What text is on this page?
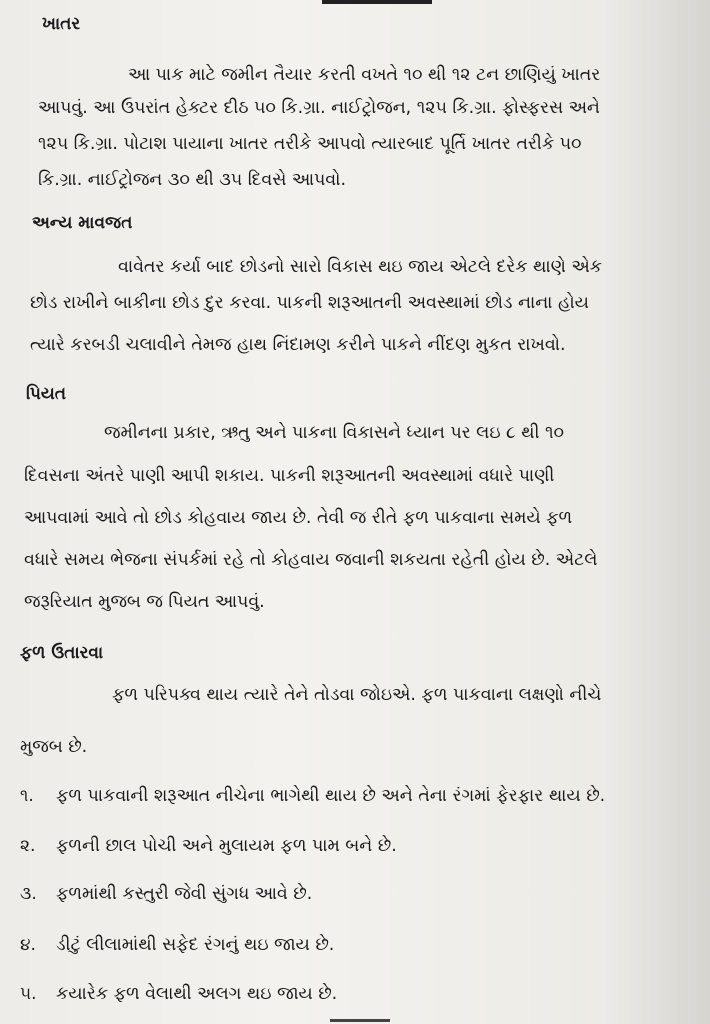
ખાતર

આ પાક માટે જમીન તૈયાર કરતી વખતે ૧૦ થી ૧૨ ટન છાણિયું ખાતર

આપવું. આ ઉપરાંત હેક્ટર દીઠ ૫૦ કિ.ગ્રા. નાઈટ્રોજન, ૧૨૫ કિ.ગ્રા. ફોસ્ફરસ અને

૧૨૫ કિ.ગ્રા. પોટાશ પાયાના ખાતર તરીકે આપવો ત્યારબાદ પૂર્તિ ખાતર તરીકે ૫૦

કિ.ગ્રા. નાઈટ્રોજન ૩૦ થી ૩૫ દિવસે આપવો.

અન્ય માવજત

વાવેતર કર્યા બાદ છોડનો સારો વિકાસ થઇ જાય એટલે દરેક થાણે એક

છોડ રાખીને બાકીના છોડ દુર કરવા. પાકની શરૂઆતની અવસ્થામાં છોડ નાના હોય

ત્યારે કરબડી ચલાવીને તેમજ હાથ નિંદામણ કરીને પાકને નીંદણ મુકત રાખવો.

પિયત

જમીનના પ્રકાર, ઋતુ અને પાકના વિકાસને ધ્યાન પર લઇ ૮ થી ૧૦

દિવસના અંતરે પાણી આપી શકાય. પાકની શરૂઆતની અવસ્થામાં વધારે પાણી

આપવામાં આવે તો છોડ કોહવાય જાય છે. તેવી જ રીતે ફળ પાકવાના સમયે ફળ

વધારે સમય ભેજના સંપર્કમાં રહે તો કોહવાય જવાની શકયતા રહેતી હોય છે. એટલે

જરૂરિયાત મુજબ જ પિયત આપવું.

ફળ ઉતારવા

ફળ પરિપક્વ થાય ત્યારે તેને તોડવા જોઇએ. ફળ પાકવાના લક્ષણો નીચે

મુજબ છે.

૧. ફળ પાકવાની શરૂઆત નીચેના ભાગેથી થાય છે અને તેના રંગમાં ફેરફાર થાય છે.
૨. ફળની છાલ પોચી અને મુલાયમ ફળ પામ બને છે.
૩. ફળમાંથી કસ્તુરી જેવી સુંગધ આવે છે.
૪. ડીટું લીલામાંથી સફેદ રંગનું થઇ જાય છે.
૫. કયારેક ફળ વેલાથી અલગ થઇ જાય છે.
